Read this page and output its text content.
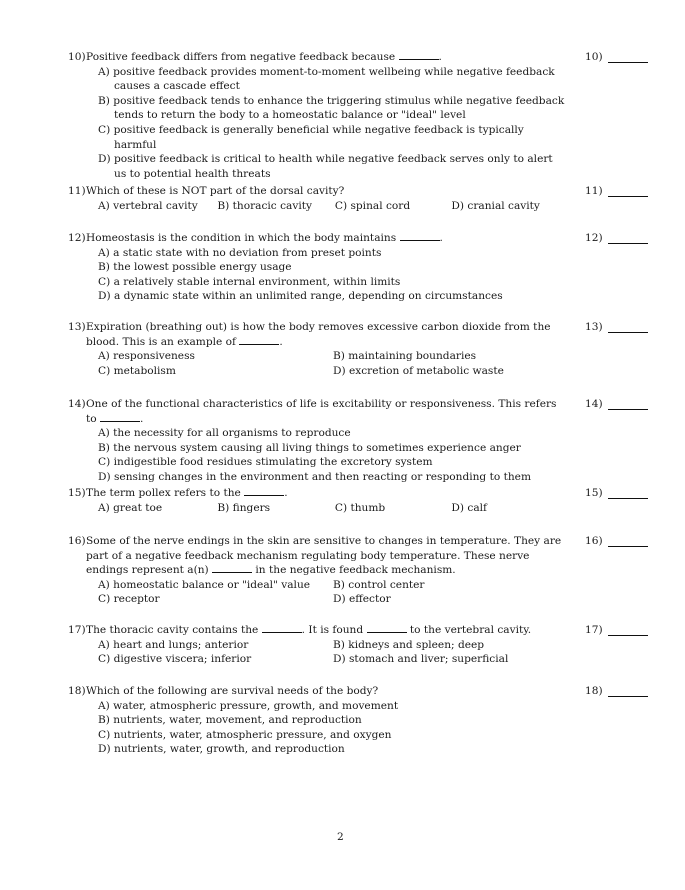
10)Positive feedback differs from negative feedback because	.
A) positive feedback provides moment-to-moment wellbeing while negative feedback causes a cascade effect
B) positive feedback tends to enhance the triggering stimulus while negative feedback tends to return the body to a homeostatic balance or "ideal" level
C) positive feedback is generally beneficial while negative feedback is typically harmful
D) positive feedback is critical to health while negative feedback serves only to alert us to potential health threats
10)
11)Which of these is NOT part of the dorsal cavity?
A) vertebral cavity	B) thoracic cavity	C) spinal cord	D) cranial cavity
11)
12)Homeostasis is the condition in which the body maintains	.
A) a static state with no deviation from preset points
B) the lowest possible energy usage
C) a relatively stable internal environment, within limits
D) a dynamic state within an unlimited range, depending on circumstances
12)
13)Expiration (breathing out) is how the body removes excessive carbon dioxide from the blood. This is an example of	.
A) responsiveness	B) maintaining boundaries
C) metabolism	D) excretion of metabolic waste
13)
14)One of the functional characteristics of life is excitability or responsiveness. This refers to	.
A) the necessity for all organisms to reproduce
B) the nervous system causing all living things to sometimes experience anger
C) indigestible food residues stimulating the excretory system
D) sensing changes in the environment and then reacting or responding to them
14)
15)The term pollex refers to the	.
A) great toe	B) fingers	C) thumb	D) calf
15)
16)Some of the nerve endings in the skin are sensitive to changes in temperature. They are part of a negative feedback mechanism regulating body temperature. These nerve endings represent a(n)	in the negative feedback mechanism.
A) homeostatic balance or "ideal" value	B) control center
C) receptor	D) effector
16)
17)The thoracic cavity contains the	. It is found	to the vertebral cavity.
A) heart and lungs; anterior	B) kidneys and spleen; deep
C) digestive viscera; inferior	D) stomach and liver; superficial
17)
18)Which of the following are survival needs of the body?
A) water, atmospheric pressure, growth, and movement
B) nutrients, water, movement, and reproduction
C) nutrients, water, atmospheric pressure, and oxygen
D) nutrients, water, growth, and reproduction
18)
2
